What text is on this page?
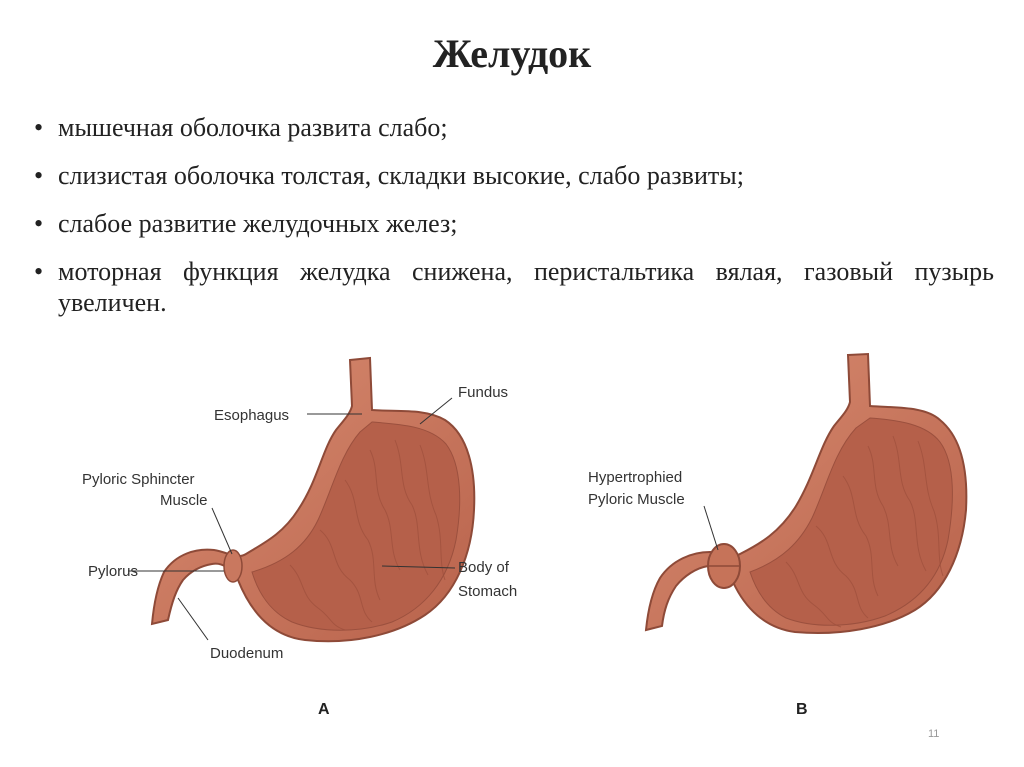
Желудок
• мышечная оболочка развита слабо;
• слизистая оболочка толстая, складки высокие, слабо развиты;
• слабое развитие желудочных желез;
• моторная функция желудка снижена, перистальтика вялая, газовый пузырь увеличен.
Esophagus
Fundus
Pyloric Sphincter
Muscle
Pylorus	Body of
Stomach
Duodenum
A
Hypertrophied
Pyloric Muscle
B
11
